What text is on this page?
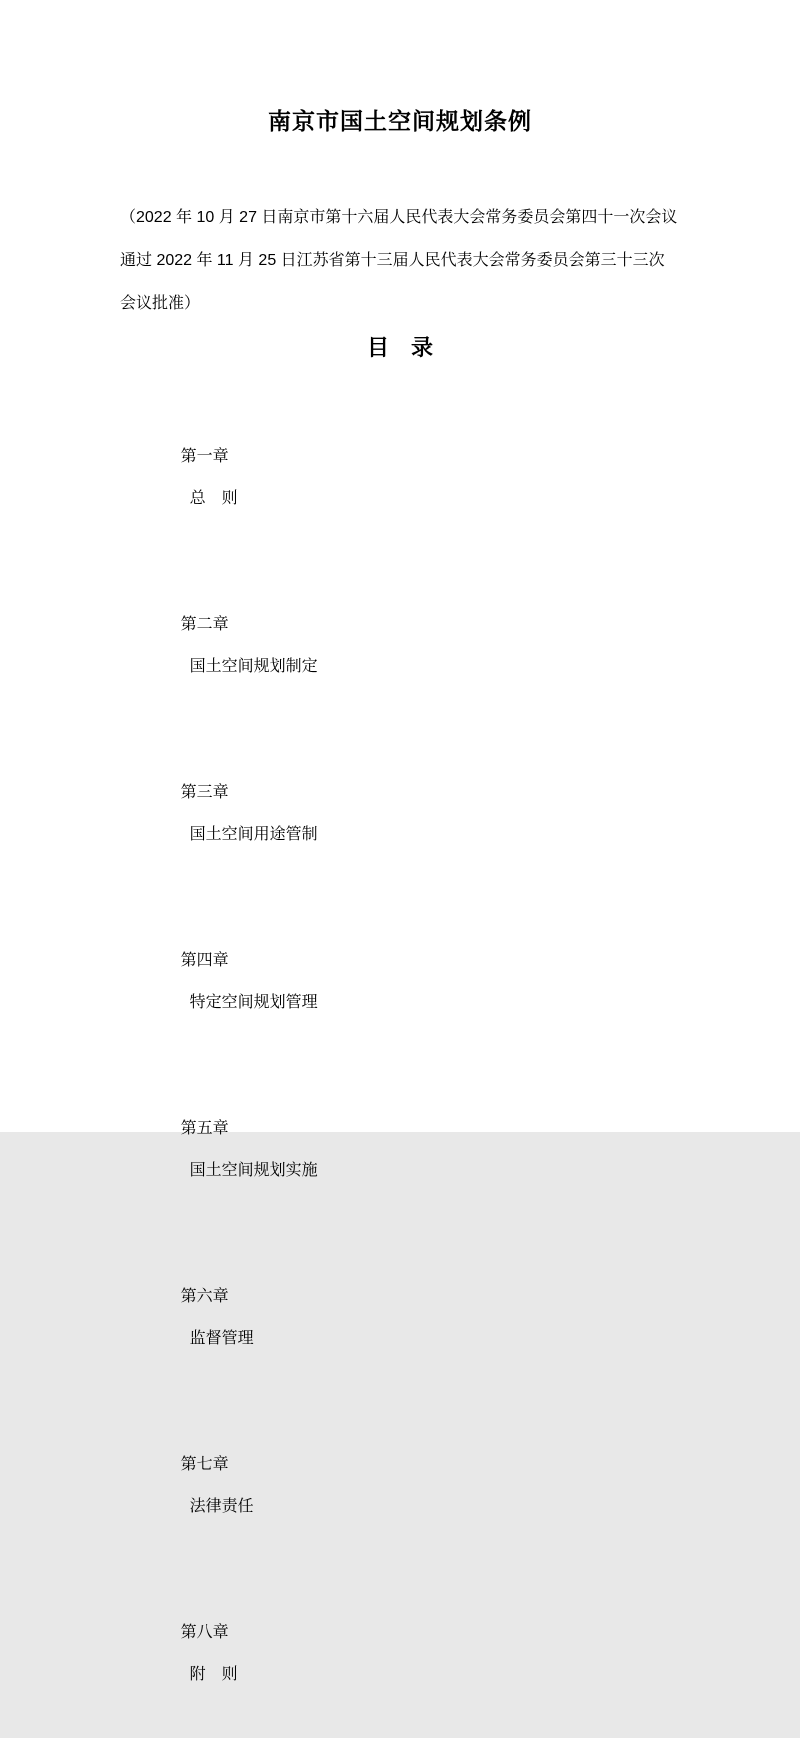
南京市国土空间规划条例
（2022 年 10 月 27 日南京市第十六届人民代表大会常务委员会第四十一次会议
通过 2022 年 11 月 25 日江苏省第十三届人民代表大会常务委员会第三十三次
会议批准）
目　录

第一章
总　则

第二章
国土空间规划制定

第三章
国土空间用途管制

第四章
特定空间规划管理

第五章
国土空间规划实施

第六章
监督管理

第七章
法律责任

第八章
附　则
